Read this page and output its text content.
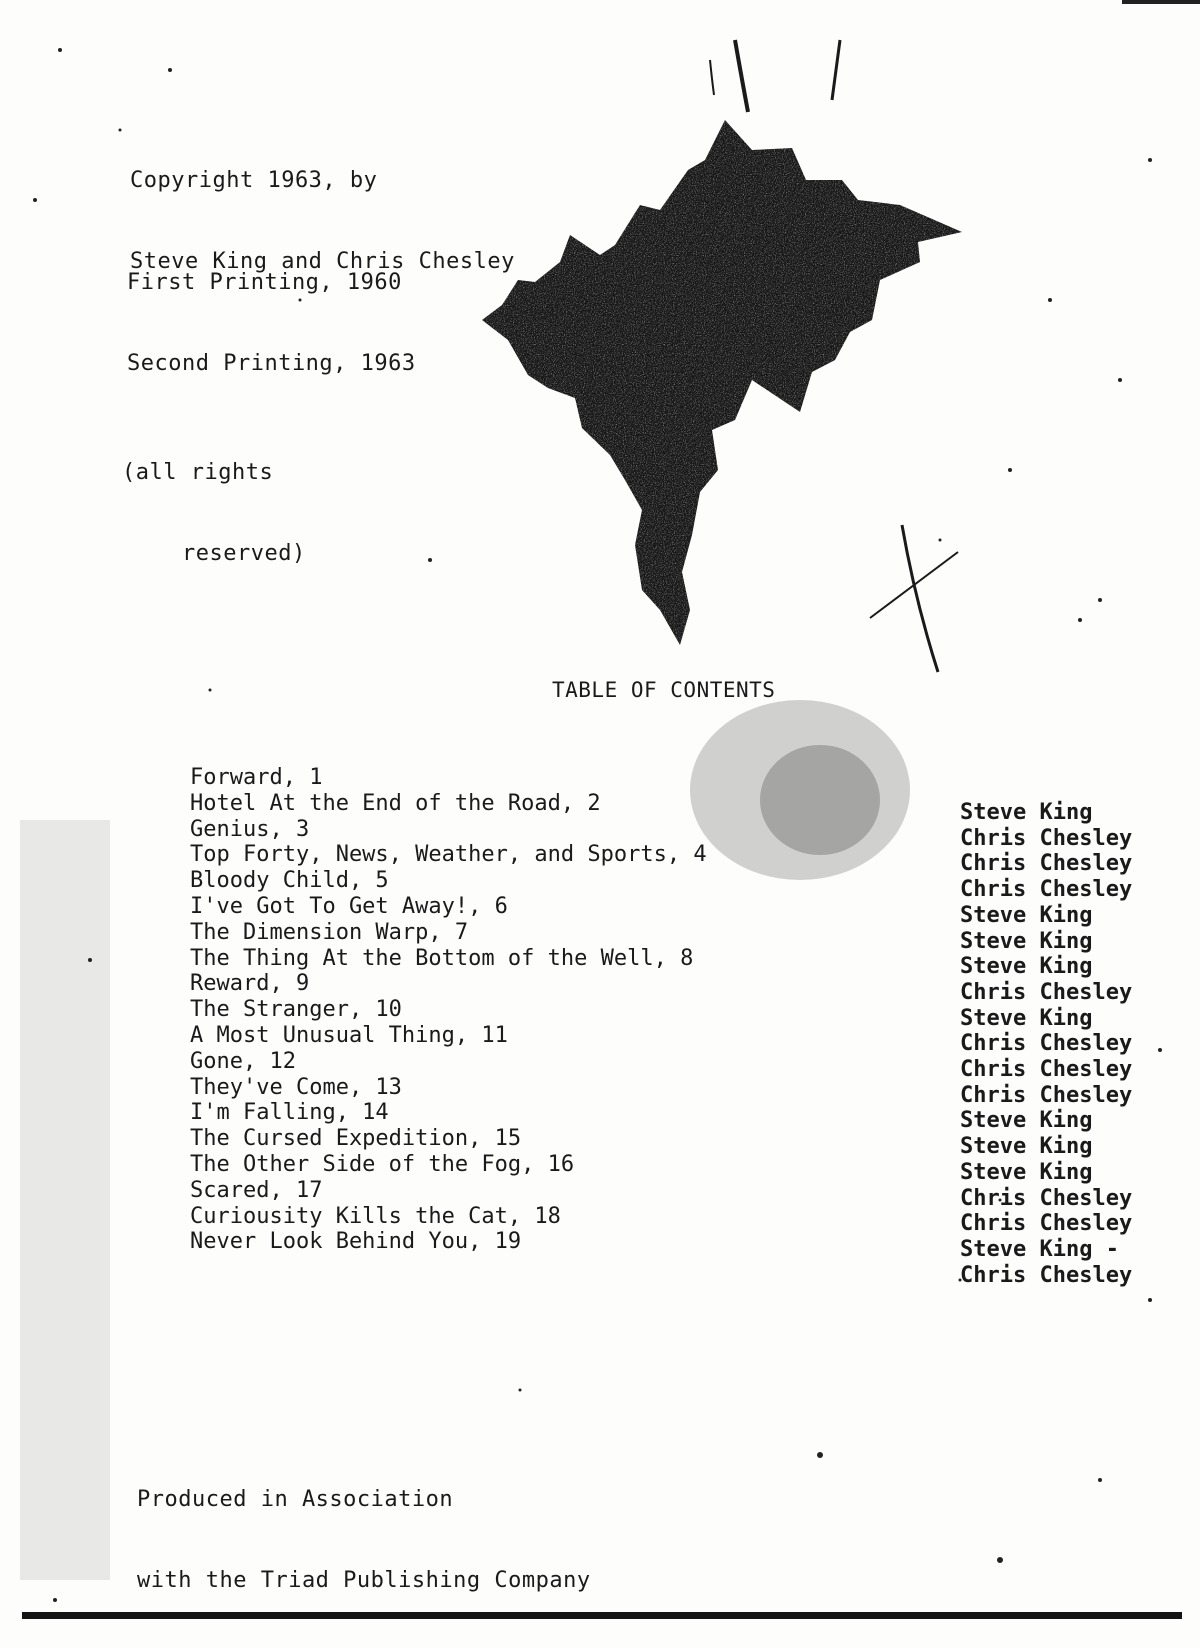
Copyright 1963, by

Steve King and Chris Chesley

First Printing, 1960

Second Printing, 1963

(all rights

reserved)

TABLE OF CONTENTS
Forward, 1
Hotel At the End of the Road, 2
Genius, 3
Top Forty, News, Weather, and Sports, 4
Bloody Child, 5
I've Got To Get Away!, 6
The Dimension Warp, 7
The Thing At the Bottom of the Well, 8
Reward, 9
The Stranger, 10
A Most Unusual Thing, 11
Gone, 12
They've Come, 13
I'm Falling, 14
The Cursed Expedition, 15
The Other Side of the Fog, 16
Scared, 17
Curiousity Kills the Cat, 18
Never Look Behind You, 19
Steve King
Chris Chesley
Chris Chesley
Chris Chesley
Steve King
Steve King
Steve King
Chris Chesley
Steve King
Chris Chesley
Chris Chesley
Chris Chesley
Steve King
Steve King
Steve King
Chris Chesley
Chris Chesley
Steve King -
Chris Chesley

Produced in Association

with the Triad Publishing Company
